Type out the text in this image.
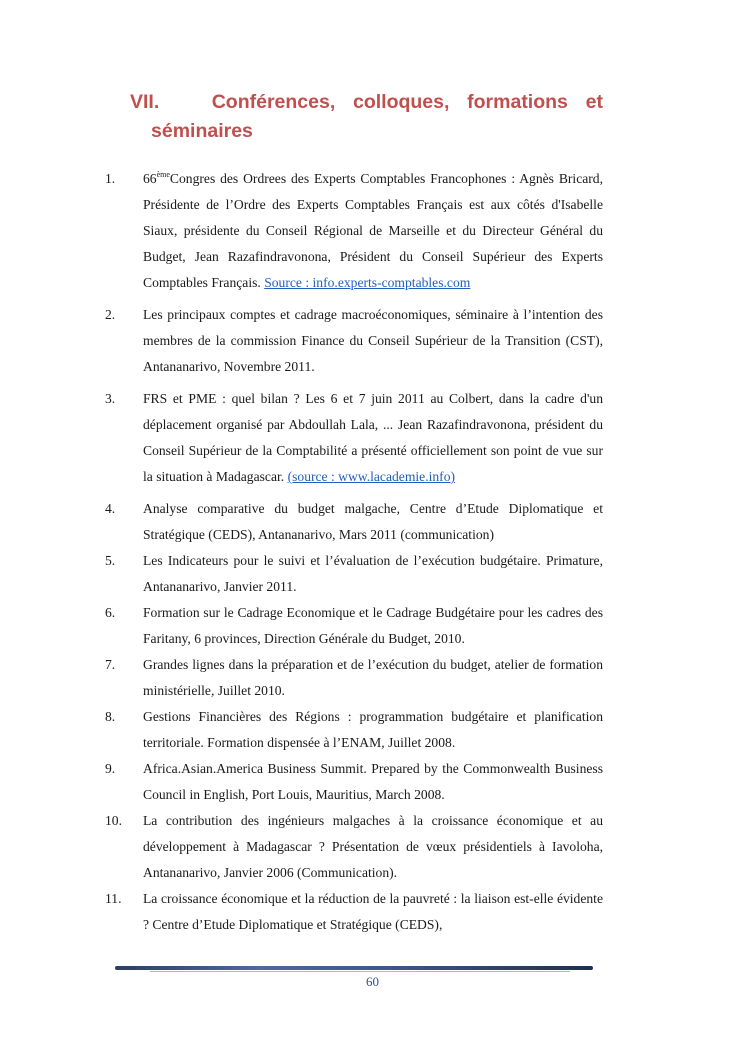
VII.	Conférences, colloques, formations et
séminaires
1. 66èmeCongres des Ordrees des Experts Comptables Francophones : Agnès Bricard, Présidente de l’Ordre des Experts Comptables Français est aux côtés d'Isabelle Siaux, présidente du Conseil Régional de Marseille et du Directeur Général du Budget, Jean Razafindravonona, Président du Conseil Supérieur des Experts Comptables Français. Source : info.experts-comptables.com
2. Les principaux comptes et cadrage macroéconomiques, séminaire à l’intention des membres de la commission Finance du Conseil Supérieur de la Transition (CST), Antananarivo, Novembre 2011.
3. FRS et PME : quel bilan ? Les 6 et 7 juin 2011 au Colbert, dans la cadre d'un déplacement organisé par Abdoullah Lala, ... Jean Razafindravonona, président du Conseil Supérieur de la Comptabilité a présenté officiellement son point de vue sur la situation à Madagascar. (source : www.lacademie.info)
4. Analyse comparative du budget malgache, Centre d’Etude Diplomatique et Stratégique (CEDS), Antananarivo, Mars 2011 (communication)
5. Les Indicateurs pour le suivi et l’évaluation de l’exécution budgétaire. Primature, Antananarivo, Janvier 2011.
6. Formation sur le Cadrage Economique et le Cadrage Budgétaire pour les cadres des Faritany, 6 provinces, Direction Générale du Budget, 2010.
7. Grandes lignes dans la préparation et de l’exécution du budget, atelier de formation ministérielle, Juillet 2010.
8. Gestions Financières des Régions : programmation budgétaire et planification territoriale. Formation dispensée à l’ENAM, Juillet 2008.
9. Africa.Asian.America Business Summit. Prepared by the Commonwealth Business Council in English, Port Louis, Mauritius, March 2008.
10. La contribution des ingénieurs malgaches à la croissance économique et au développement à Madagascar ? Présentation de vœux présidentiels à Iavoloha, Antananarivo, Janvier 2006 (Communication).
11. La croissance économique et la réduction de la pauvreté : la liaison est-elle évidente ? Centre d’Etude Diplomatique et Stratégique (CEDS),
60
